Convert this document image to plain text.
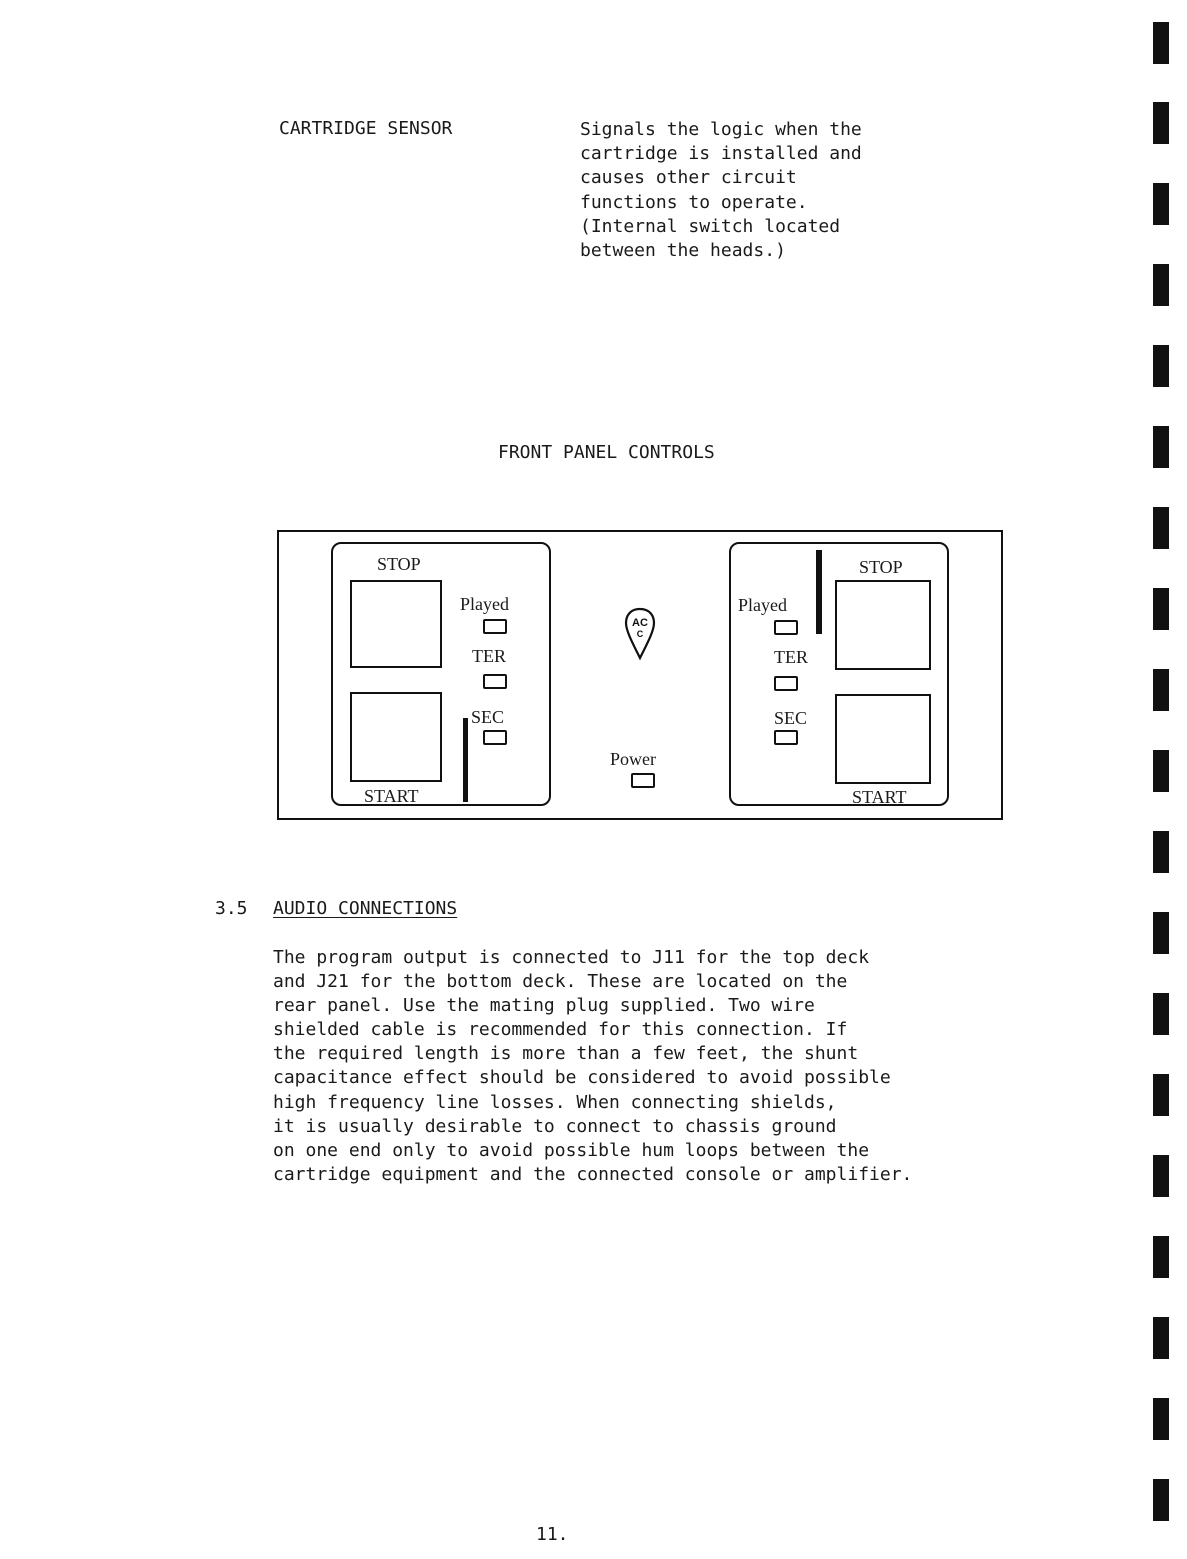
CARTRIDGE SENSOR	Signals the logic when the
cartridge is installed and
causes other circuit
functions to operate.
(Internal switch located
between the heads.)
FRONT PANEL CONTROLS
STOP
START
Played
TER
SEC
AC
C
Power
STOP
START
Played
TER
SEC
3.5 AUDIO CONNECTIONS
The program output is connected to J11 for the top deck
and J21 for the bottom deck. These are located on the
rear panel. Use the mating plug supplied. Two wire
shielded cable is recommended for this connection. If
the required length is more than a few feet, the shunt
capacitance effect should be considered to avoid possible
high frequency line losses. When connecting shields,
it is usually desirable to connect to chassis ground
on one end only to avoid possible hum loops between the
cartridge equipment and the connected console or amplifier.
11.
